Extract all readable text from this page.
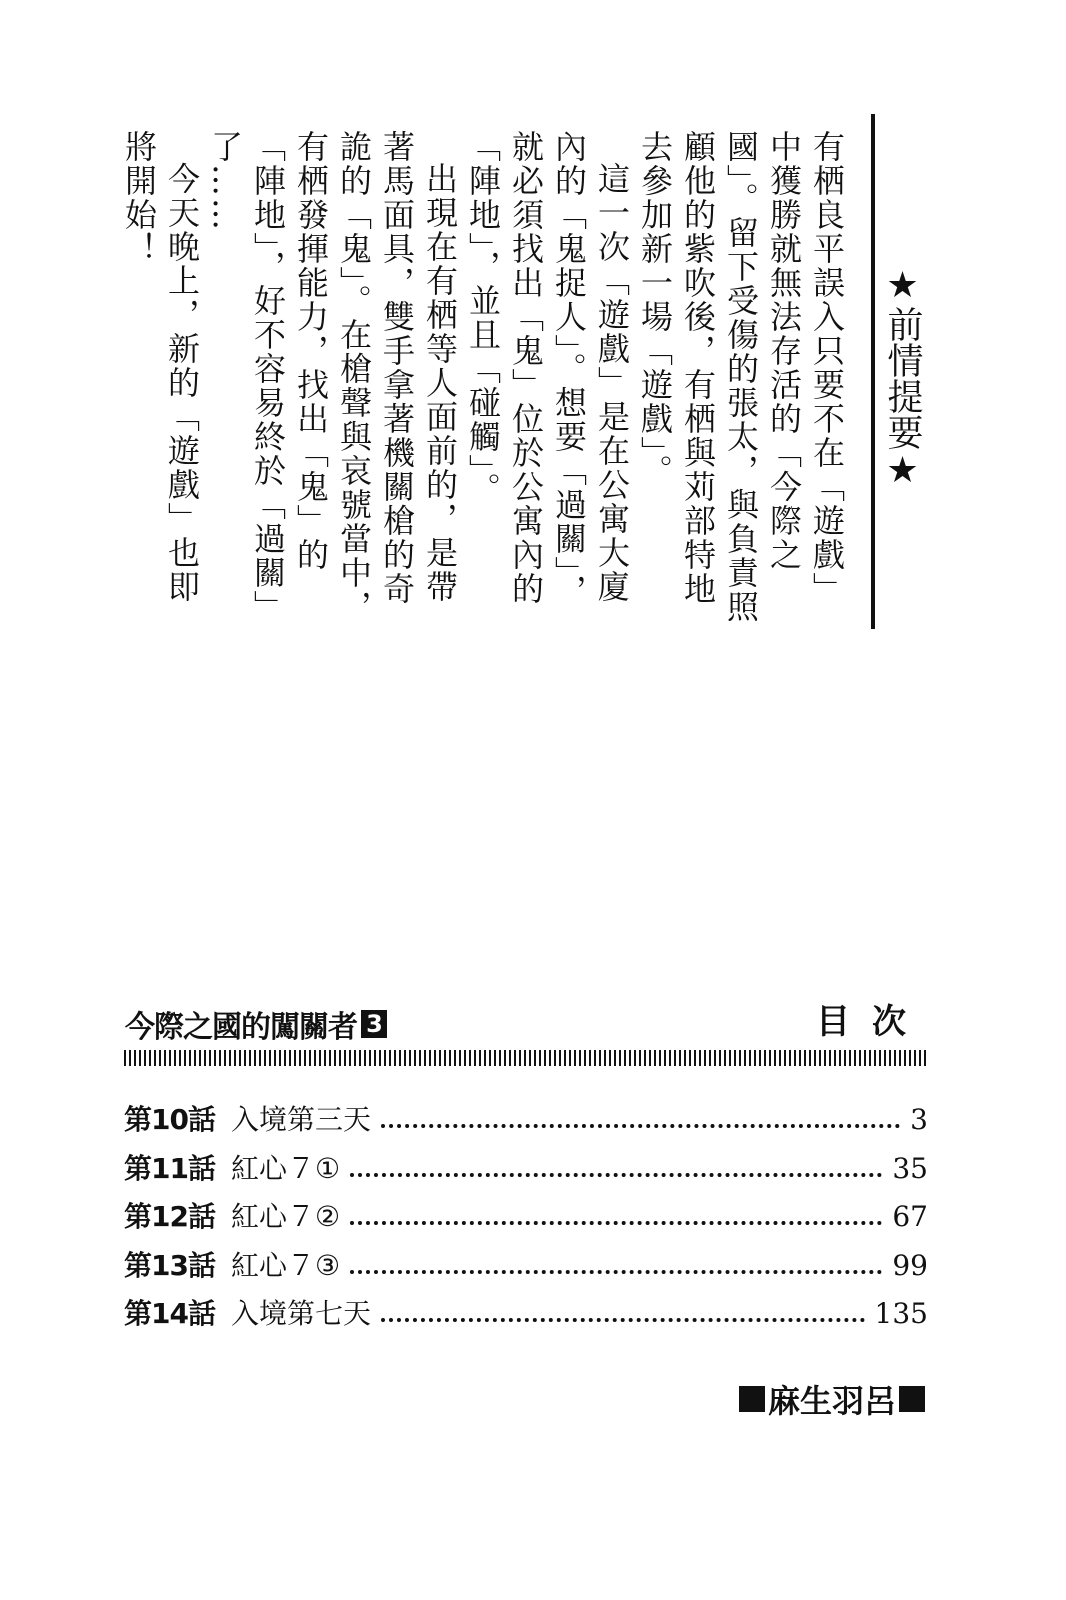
★前情提要★

有栖良平誤入只要不在「遊戲」中獲勝就無法存活的「今際之國」。留下受傷的張太，與負責照顧他的紫吹後，有栖與苅部特地去參加新一場「遊戲」。

這一次「遊戲」是在公寓大廈內的「鬼捉人」。想要「過關」，就必須找出「鬼」位於公寓內的「陣地」，並且「碰觸」。

出現在有栖等人面前的，是帶著馬面具，雙手拿著機關槍的奇詭的「鬼」。在槍聲與哀號當中，有栖發揮能力，找出「鬼」的「陣地」，好不容易終於「過關」了……

今天晚上，新的「遊戲」也即將開始！

今際之國的闖關者 3	目次
第10話 入境第三天	3
第11話 紅心７①	35
第12話 紅心７②	67
第13話 紅心７③	99
第14話 入境第七天	135
麻生羽呂
